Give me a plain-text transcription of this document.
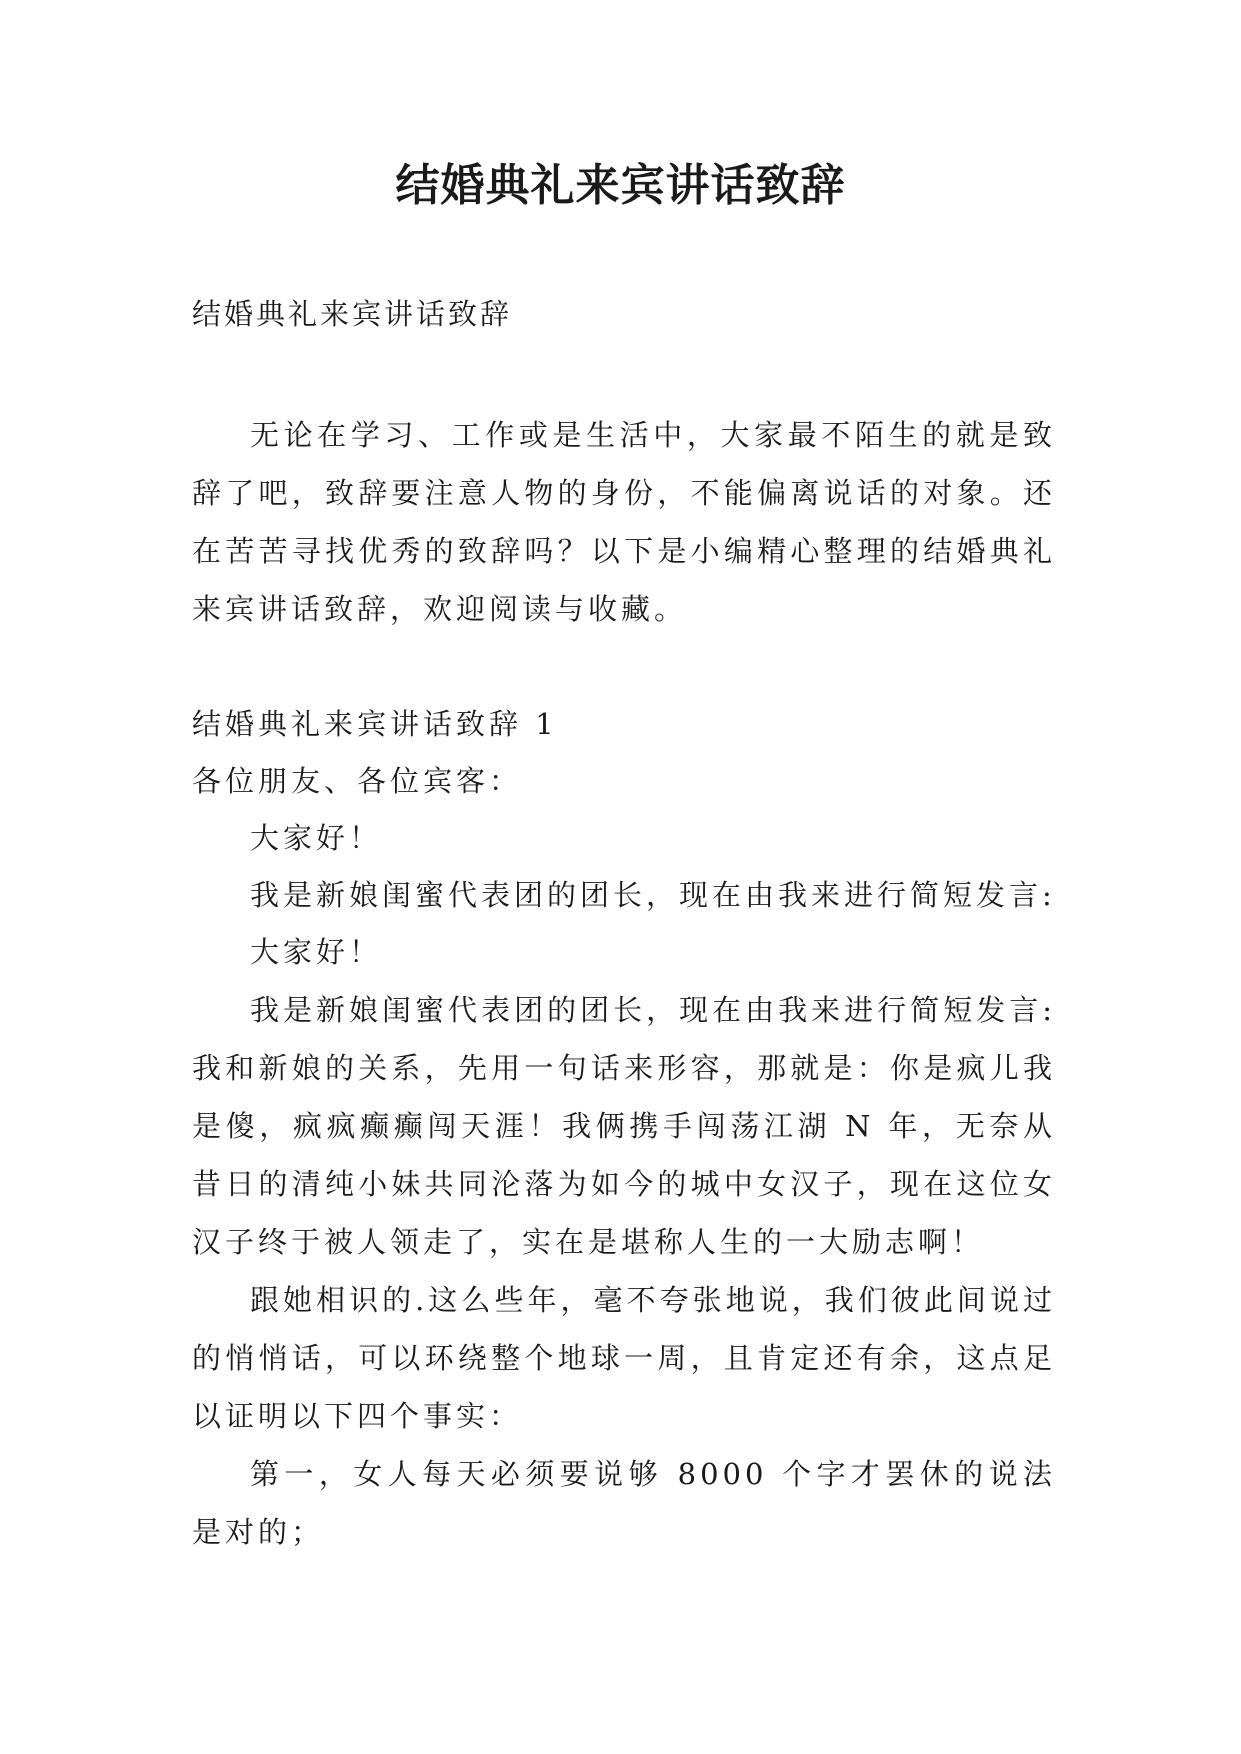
结婚典礼来宾讲话致辞
结婚典礼来宾讲话致辞

无论在学习、工作或是生活中，大家最不陌生的就是致辞了吧，致辞要注意人物的身份，不能偏离说话的对象。还在苦苦寻找优秀的致辞吗？以下是小编精心整理的结婚典礼来宾讲话致辞，欢迎阅读与收藏。

结婚典礼来宾讲话致辞 1

各位朋友、各位宾客：

大家好！

我是新娘闺蜜代表团的团长，现在由我来进行简短发言:

大家好！

我是新娘闺蜜代表团的团长，现在由我来进行简短发言:我和新娘的关系，先用一句话来形容，那就是：你是疯儿我是傻，疯疯癫癫闯天涯！我俩携手闯荡江湖 N 年，无奈从昔日的清纯小妹共同沦落为如今的城中女汉子，现在这位女汉子终于被人领走了，实在是堪称人生的一大励志啊！

跟她相识的.这么些年，毫不夸张地说，我们彼此间说过的悄悄话，可以环绕整个地球一周，且肯定还有余，这点足以证明以下四个事实：

第一，女人每天必须要说够 8000 个字才罢休的说法是对的；
